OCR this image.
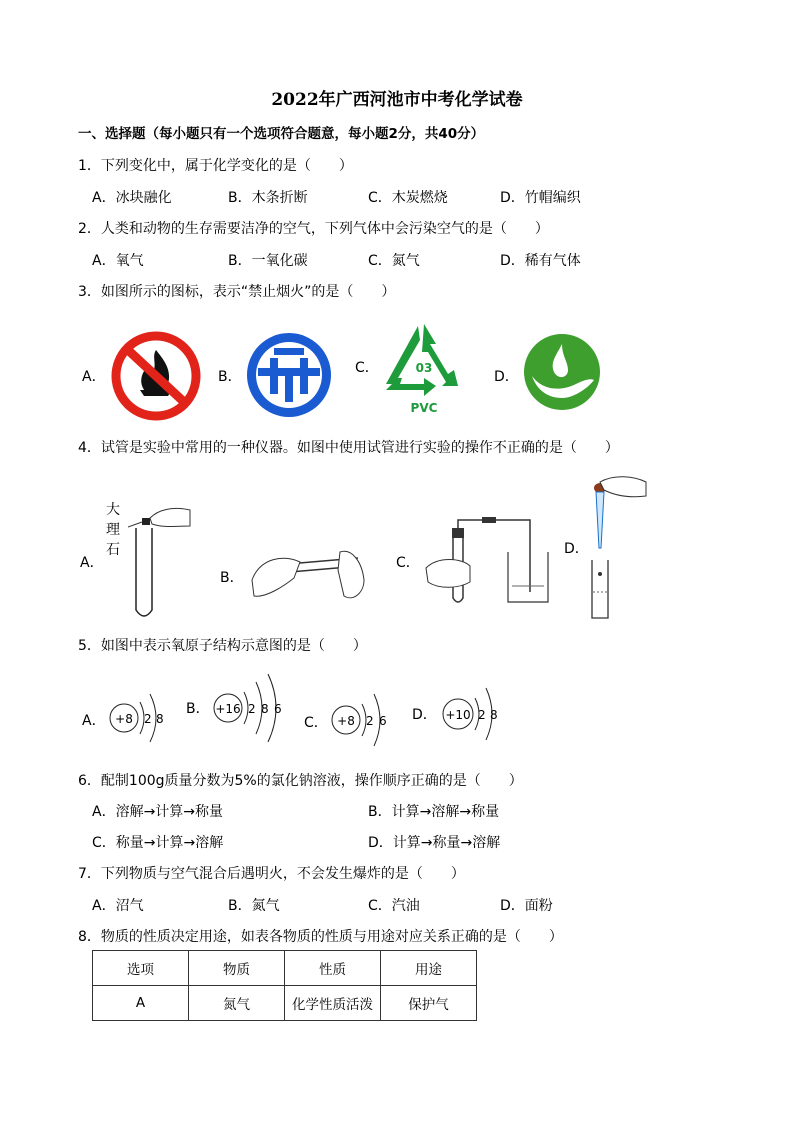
2022年广西河池市中考化学试卷
一、选择题（每小题只有一个选项符合题意，每小题2分，共40分）
1．下列变化中，属于化学变化的是（　　）
A．冰块融化	B．木条折断	C．木炭燃烧	D．竹帽编织
2．人类和动物的生存需要洁净的空气，下列气体中会污染空气的是（　　）
A．氧气	B．一氧化碳	C．氮气	D．稀有气体
3．如图所示的图标，表示“禁止烟火”的是（　　）
A．	B．
C．	03
PVC
D．
4．试管是实验中常用的一种仪器。如图中使用试管进行实验的操作不正确的是（　　）
A．
大
理
石
B．
C．
D．
5．如图中表示氧原子结构示意图的是（　　）
A． +8 2 8
B． +16 2 8 6
C． +8 2 6 D． +10 2 8
6．配制100g质量分数为5%的氯化钠溶液，操作顺序正确的是（　　）
A．溶解→计算→称量	B．计算→溶解→称量
C．称量→计算→溶解	D．计算→称量→溶解
7．下列物质与空气混合后遇明火，不会发生爆炸的是（　　）
A．沼气	B．氮气	C．汽油	D．面粉
8．物质的性质决定用途，如表各物质的性质与用途对应关系正确的是（　　）
选项	物质	性质	用途
A	氮气	化学性质活泼	保护气
